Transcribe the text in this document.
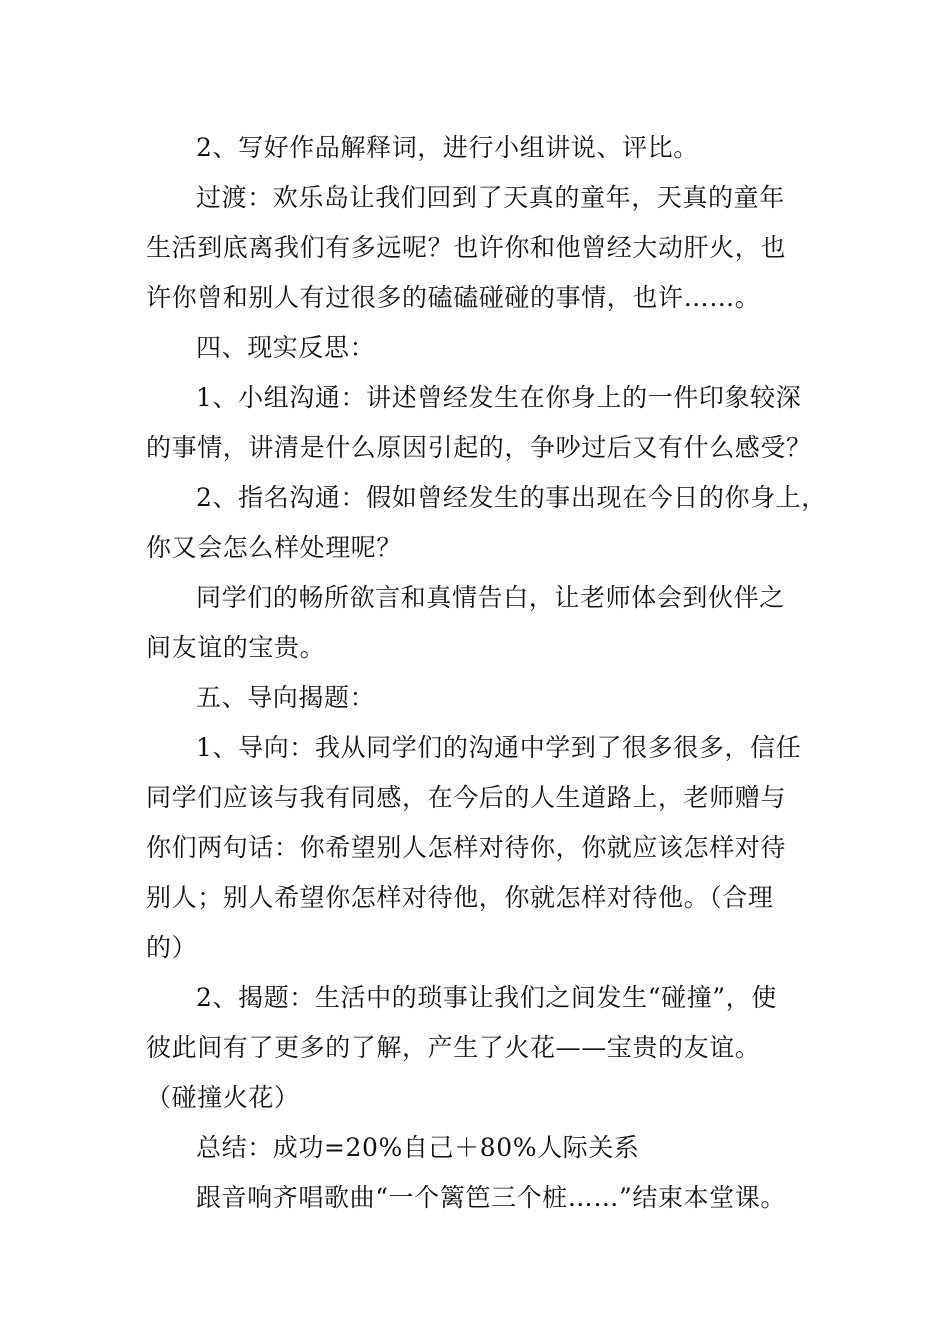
2、写好作品解释词，进行小组讲说、评比。
过渡：欢乐岛让我们回到了天真的童年，天真的童年
生活到底离我们有多远呢？也许你和他曾经大动肝火，也
许你曾和别人有过很多的磕磕碰碰的事情，也许……。
四、现实反思：
1、小组沟通：讲述曾经发生在你身上的一件印象较深
的事情，讲清是什么原因引起的，争吵过后又有什么感受？
2、指名沟通：假如曾经发生的事出现在今日的你身上，
你又会怎么样处理呢？
同学们的畅所欲言和真情告白，让老师体会到伙伴之
间友谊的宝贵。
五、导向揭题：
1、导向：我从同学们的沟通中学到了很多很多，信任
同学们应该与我有同感，在今后的人生道路上，老师赠与
你们两句话：你希望别人怎样对待你，你就应该怎样对待
别人；别人希望你怎样对待他，你就怎样对待他。（合理
的）
2、揭题：生活中的琐事让我们之间发生“碰撞”，使
彼此间有了更多的了解，产生了火花——宝贵的友谊。
（碰撞火花）
总结：成功=20%自己＋80%人际关系
跟音响齐唱歌曲“一个篱笆三个桩……”结束本堂课。
